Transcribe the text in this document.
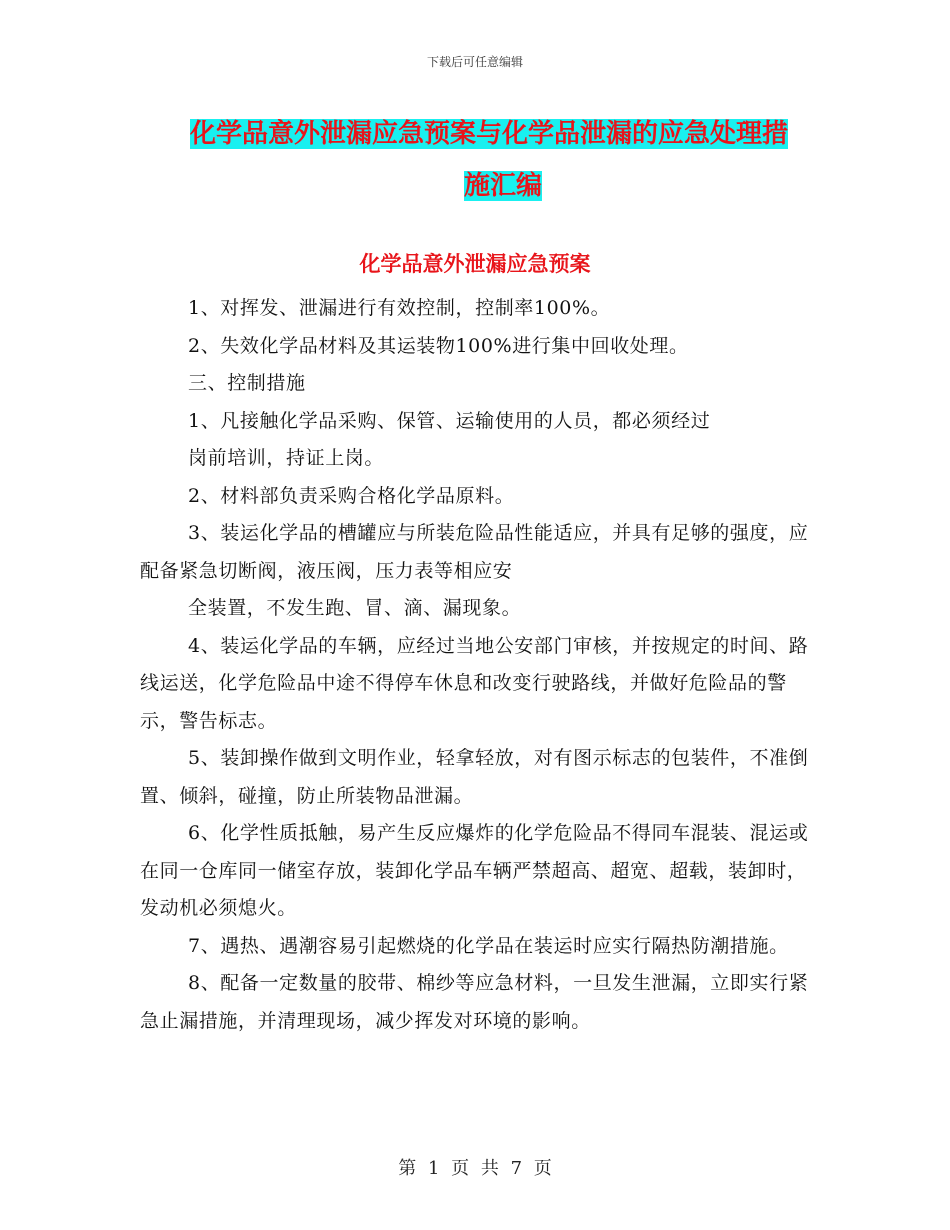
下载后可任意编辑
化学品意外泄漏应急预案与化学品泄漏的应急处理措
施汇编
化学品意外泄漏应急预案

1、对挥发、泄漏进行有效控制，控制率100%。

2、失效化学品材料及其运装物100%进行集中回收处理。

三、控制措施

1、凡接触化学品采购、保管、运输使用的人员，都必须经过

岗前培训，持证上岗。

2、材料部负责采购合格化学品原料。

3、装运化学品的槽罐应与所装危险品性能适应，并具有足够的强度，应配备紧急切断阀，液压阀，压力表等相应安

全装置，不发生跑、冒、滴、漏现象。

4、装运化学品的车辆，应经过当地公安部门审核，并按规定的时间、路线运送，化学危险品中途不得停车休息和改变行驶路线，并做好危险品的警示，警告标志。

5、装卸操作做到文明作业，轻拿轻放，对有图示标志的包装件，不准倒置、倾斜，碰撞，防止所装物品泄漏。

6、化学性质抵触，易产生反应爆炸的化学危险品不得同车混装、混运或在同一仓库同一储室存放，装卸化学品车辆严禁超高、超宽、超载，装卸时，发动机必须熄火。

7、遇热、遇潮容易引起燃烧的化学品在装运时应实行隔热防潮措施。

8、配备一定数量的胶带、棉纱等应急材料，一旦发生泄漏，立即实行紧急止漏措施，并清理现场，减少挥发对环境的影响。

第 1 页 共 7 页
